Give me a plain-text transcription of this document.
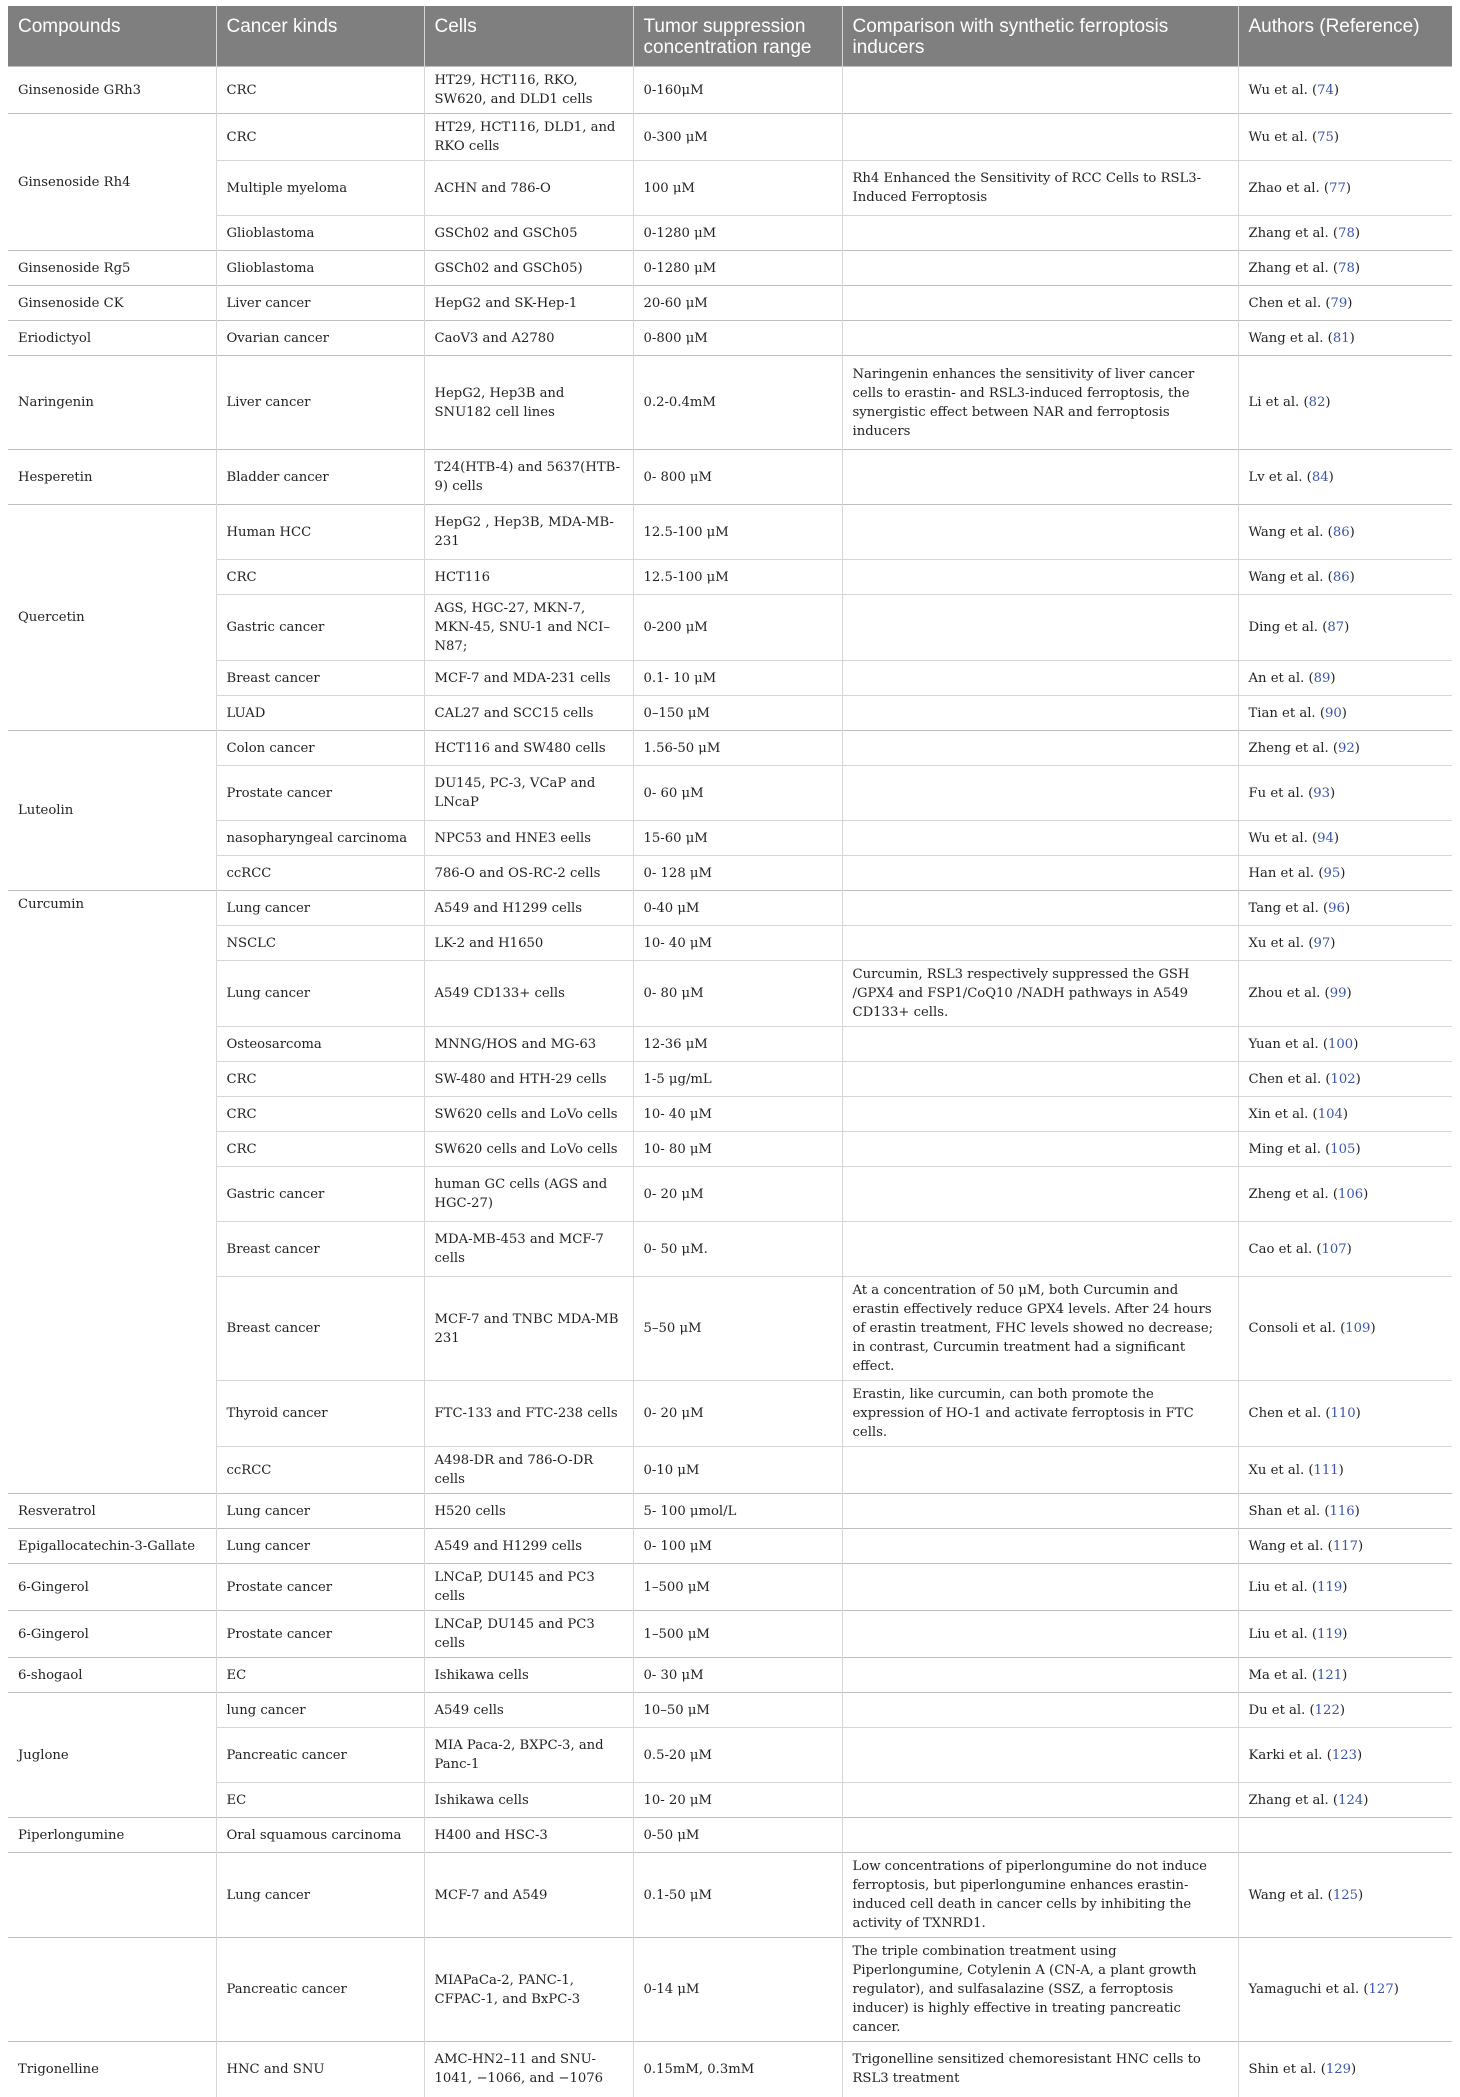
Compounds	Cancer kinds	Cells	Tumor suppression concentration range	Comparison with synthetic ferroptosis inducers	Authors (Reference)
Ginsenoside GRh3	CRC	HT29, HCT116, RKO, SW620, and DLD1 cells	0-160μM		Wu et al. (74)
Ginsenoside Rh4	CRC	HT29, HCT116, DLD1, and RKO cells	0-300 μM		Wu et al. (75)
	Multiple myeloma	ACHN and 786-O	100 μM	Rh4 Enhanced the Sensitivity of RCC Cells to RSL3-Induced Ferroptosis	Zhao et al. (77)
	Glioblastoma	GSCh02 and GSCh05	0-1280 μM		Zhang et al. (78)
Ginsenoside Rg5	Glioblastoma	GSCh02 and GSCh05)	0-1280 μM		Zhang et al. (78)
Ginsenoside CK	Liver cancer	HepG2 and SK-Hep-1	20-60 μM		Chen et al. (79)
Eriodictyol	Ovarian cancer	CaoV3 and A2780	0-800 μM		Wang et al. (81)
Naringenin	Liver cancer	HepG2, Hep3B and SNU182 cell lines	0.2-0.4mM	Naringenin enhances the sensitivity of liver cancer cells to erastin- and RSL3-induced ferroptosis, the synergistic effect between NAR and ferroptosis inducers	Li et al. (82)
Hesperetin	Bladder cancer	T24(HTB-4) and 5637(HTB-9) cells	0- 800 μM		Lv et al. (84)
Quercetin	Human HCC	HepG2 , Hep3B, MDA-MB-231	12.5-100 μM		Wang et al. (86)
	CRC	HCT116	12.5-100 μM		Wang et al. (86)
	Gastric cancer	AGS, HGC-27, MKN-7, MKN-45, SNU-1 and NCI–N87;	0-200 μM		Ding et al. (87)
	Breast cancer	MCF-7 and MDA-231 cells	0.1- 10 μM		An et al. (89)
	LUAD	CAL27 and SCC15 cells	0–150 μM		Tian et al. (90)
Luteolin	Colon cancer	HCT116 and SW480 cells	1.56-50 μM		Zheng et al. (92)
	Prostate cancer	DU145, PC-3, VCaP and LNcaP	0- 60 μM		Fu et al. (93)
	nasopharyngeal carcinoma	NPC53 and HNE3 eells	15-60 μM		Wu et al. (94)
	ccRCC	786-O and OS-RC-2 cells	0- 128 μM		Han et al. (95)
Curcumin	Lung cancer	A549 and H1299 cells	0-40 μM		Tang et al. (96)
	NSCLC	LK-2 and H1650	10- 40 μM		Xu et al. (97)
	Lung cancer	A549 CD133+ cells	0- 80 μM	Curcumin, RSL3 respectively suppressed the GSH /GPX4 and FSP1/CoQ10 /NADH pathways in A549 CD133+ cells.	Zhou et al. (99)
	Osteosarcoma	MNNG/HOS and MG-63	12-36 μM		Yuan et al. (100)
	CRC	SW-480 and HTH-29 cells	1-5 μg/mL		Chen et al. (102)
	CRC	SW620 cells and LoVo cells	10- 40 μM		Xin et al. (104)
	CRC	SW620 cells and LoVo cells	10- 80 μM		Ming et al. (105)
	Gastric cancer	human GC cells (AGS and HGC-27)	0- 20 μM		Zheng et al. (106)
	Breast cancer	MDA-MB-453 and MCF-7 cells	0- 50 μM.		Cao et al. (107)
	Breast cancer	MCF-7 and TNBC MDA-MB 231	5–50 μM	At a concentration of 50 μM, both Curcumin and erastin effectively reduce GPX4 levels. After 24 hours of erastin treatment, FHC levels showed no decrease; in contrast, Curcumin treatment had a significant effect.	Consoli et al. (109)
	Thyroid cancer	FTC-133 and FTC-238 cells	0- 20 μM	Erastin, like curcumin, can both promote the expression of HO-1 and activate ferroptosis in FTC cells.	Chen et al. (110)
	ccRCC	A498-DR and 786-O-DR cells	0-10 μM		Xu et al. (111)
Resveratrol	Lung cancer	H520 cells	5- 100 μmol/L		Shan et al. (116)
Epigallocatechin-3-Gallate	Lung cancer	A549 and H1299 cells	0- 100 μM		Wang et al. (117)
6-Gingerol	Prostate cancer	LNCaP, DU145 and PC3 cells	1–500 μM		Liu et al. (119)
6-Gingerol	Prostate cancer	LNCaP, DU145 and PC3 cells	1–500 μM		Liu et al. (119)
6-shogaol	EC	Ishikawa cells	0- 30 μM		Ma et al. (121)
Juglone	lung cancer	A549 cells	10–50 μM		Du et al. (122)
	Pancreatic cancer	MIA Paca-2, BXPC-3, and Panc-1	0.5-20 μM		Karki et al. (123)
	EC	Ishikawa cells	10- 20 μM		Zhang et al. (124)
Piperlongumine	Oral squamous carcinoma	H400 and HSC-3	0-50 μM		
	Lung cancer	MCF-7 and A549	0.1-50 μM	Low concentrations of piperlongumine do not induce ferroptosis, but piperlongumine enhances erastin-induced cell death in cancer cells by inhibiting the activity of TXNRD1.	Wang et al. (125)
	Pancreatic cancer	MIAPaCa-2, PANC-1, CFPAC-1, and BxPC-3	0-14 μM	The triple combination treatment using Piperlongumine, Cotylenin A (CN-A, a plant growth regulator), and sulfasalazine (SSZ, a ferroptosis inducer) is highly effective in treating pancreatic cancer.	Yamaguchi et al. (127)
Trigonelline	HNC and SNU	AMC-HN2–11 and SNU-1041, −1066, and −1076	0.15mM, 0.3mM	Trigonelline sensitized chemoresistant HNC cells to RSL3 treatment	Shin et al. (129)
